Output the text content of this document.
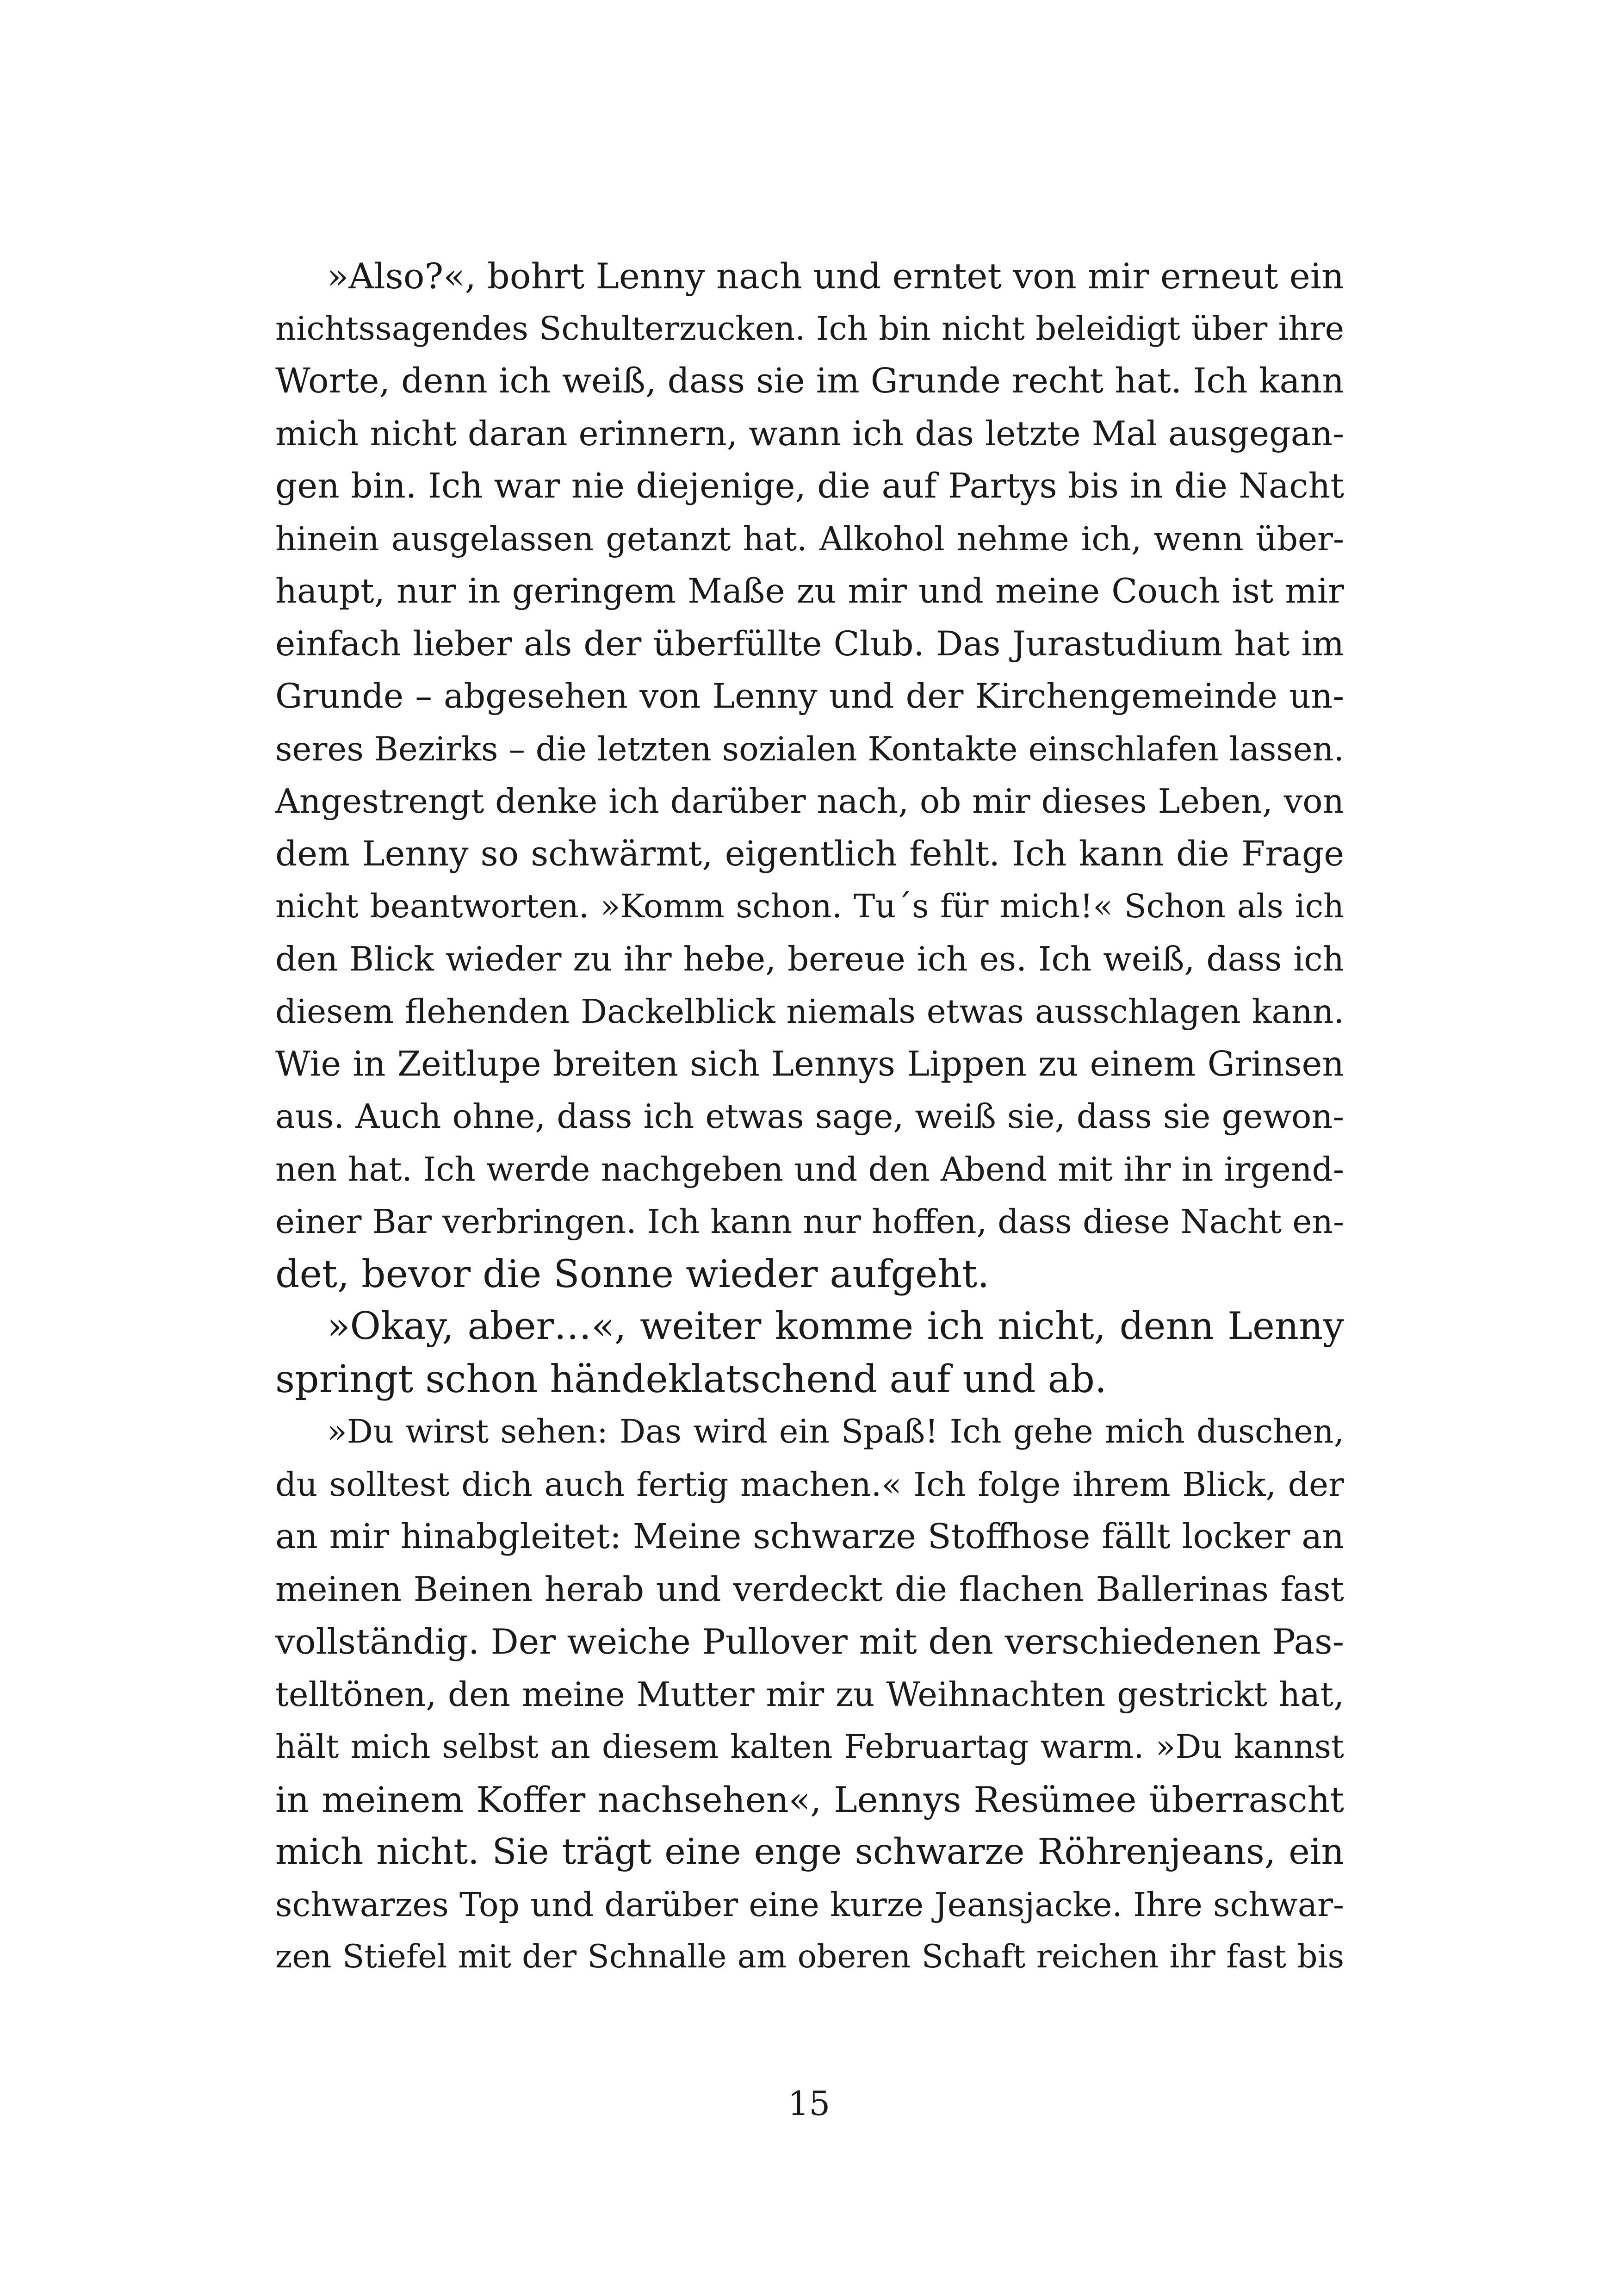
»Also?«, bohrt Lenny nach und erntet von mir erneut ein
nichtssagendes Schulterzucken. Ich bin nicht beleidigt über ihre
Worte, denn ich weiß, dass sie im Grunde recht hat. Ich kann
mich nicht daran erinnern, wann ich das letzte Mal ausgegan-
gen bin. Ich war nie diejenige, die auf Partys bis in die Nacht
hinein ausgelassen getanzt hat. Alkohol nehme ich, wenn über-
haupt, nur in geringem Maße zu mir und meine Couch ist mir
einfach lieber als der überfüllte Club. Das Jurastudium hat im
Grunde – abgesehen von Lenny und der Kirchengemeinde un-
seres Bezirks – die letzten sozialen Kontakte einschlafen lassen.
Angestrengt denke ich darüber nach, ob mir dieses Leben, von
dem Lenny so schwärmt, eigentlich fehlt. Ich kann die Frage
nicht beantworten. »Komm schon. Tu´s für mich!« Schon als ich
den Blick wieder zu ihr hebe, bereue ich es. Ich weiß, dass ich
diesem flehenden Dackelblick niemals etwas ausschlagen kann.
Wie in Zeitlupe breiten sich Lennys Lippen zu einem Grinsen
aus. Auch ohne, dass ich etwas sage, weiß sie, dass sie gewon-
nen hat. Ich werde nachgeben und den Abend mit ihr in irgend-
einer Bar verbringen. Ich kann nur hoffen, dass diese Nacht en-
det, bevor die Sonne wieder aufgeht.
»Okay, aber…«, weiter komme ich nicht, denn Lenny
springt schon händeklatschend auf und ab.
»Du wirst sehen: Das wird ein Spaß! Ich gehe mich duschen,
du solltest dich auch fertig machen.« Ich folge ihrem Blick, der
an mir hinabgleitet: Meine schwarze Stoffhose fällt locker an
meinen Beinen herab und verdeckt die flachen Ballerinas fast
vollständig. Der weiche Pullover mit den verschiedenen Pas-
telltönen, den meine Mutter mir zu Weihnachten gestrickt hat,
hält mich selbst an diesem kalten Februartag warm. »Du kannst
in meinem Koffer nachsehen«, Lennys Resümee überrascht
mich nicht. Sie trägt eine enge schwarze Röhrenjeans, ein
schwarzes Top und darüber eine kurze Jeansjacke. Ihre schwar-
zen Stiefel mit der Schnalle am oberen Schaft reichen ihr fast bis
15
